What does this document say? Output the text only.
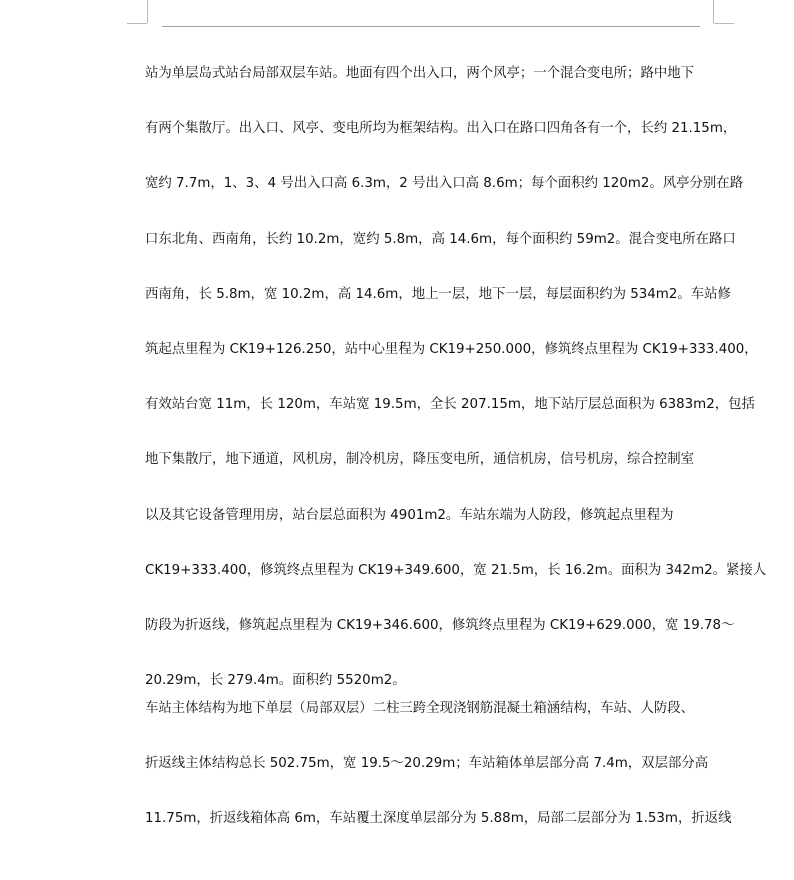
站为单层岛式站台局部双层车站。地面有四个出入口，两个风亭；一个混合变电所；路中地下
有两个集散厅。出入口、风亭、变电所均为框架结构。出入口在路口四角各有一个，长约 21.15m，
宽约 7.7m，1、3、4 号出入口高 6.3m，2 号出入口高 8.6m；每个面积约 120m2。风亭分别在路
口东北角、西南角，长约 10.2m，宽约 5.8m，高 14.6m，每个面积约 59m2。混合变电所在路口
西南角，长 5.8m，宽 10.2m，高 14.6m，地上一层，地下一层，每层面积约为 534m2。车站修
筑起点里程为 CK19+126.250，站中心里程为 CK19+250.000，修筑终点里程为 CK19+333.400，
有效站台宽 11m，长 120m，车站宽 19.5m，全长 207.15m，地下站厅层总面积为 6383m2，包括
地下集散厅，地下通道，风机房，制冷机房，降压变电所，通信机房，信号机房，综合控制室
以及其它设备管理用房，站台层总面积为 4901m2。车站东端为人防段，修筑起点里程为
CK19+333.400，修筑终点里程为 CK19+349.600，宽 21.5m，长 16.2m。面积为 342m2。紧接人
防段为折返线，修筑起点里程为 CK19+346.600，修筑终点里程为 CK19+629.000，宽 19.78～
20.29m，长 279.4m。面积约 5520m2。
车站主体结构为地下单层（局部双层）二柱三跨全现浇钢筋混凝土箱涵结构，车站、人防段、
折返线主体结构总长 502.75m，宽 19.5～20.29m；车站箱体单层部分高 7.4m，双层部分高
11.75m，折返线箱体高 6m，车站覆土深度单层部分为 5.88m，局部二层部分为 1.53m，折返线
